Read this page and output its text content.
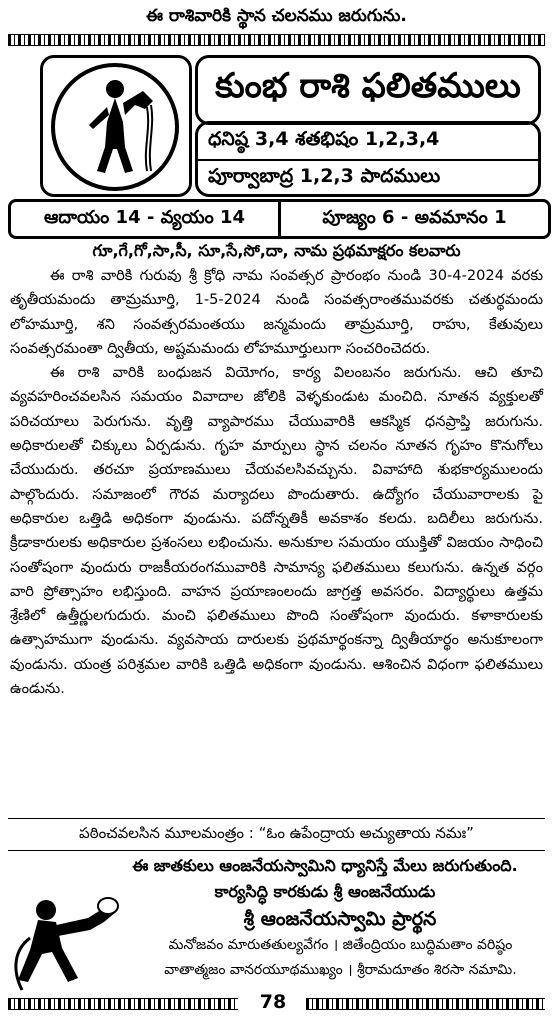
ఈ రాశివారికి స్థాన చలనము జరుగును.
కుంభ రాశి ఫలితములు
ధనిష్ఠ 3,4 శతభిషం 1,2,3,4
పూర్వాబాద్ర 1,2,3 పాదములు
ఆదాయం 14 - వ్యయం 14	పూజ్యం 6 - అవమానం 1
గూ,గే,గో,సా,సీ, సూ,సే,సో,దా, నామ ప్రథమాక్షరం కలవారు

ఈ రాశి వారికి గురువు శ్రీ క్రోధి నామ సంవత్సర ప్రారంభం నుండి 30-4-2024 వరకు తృతీయమందు తామ్రమూర్తి, 1-5-2024 నుండి సంవత్సరాంతమువరకు చతుర్థమందు లోహమూర్తి, శని సంవత్సరమంతయు జన్మమందు తామ్రమూర్తి, రాహు, కేతువులు సంవత్సరమంతా ద్వితీయ, అష్టమమందు లోహమూర్తులుగా సంచరించెదరు.

ఈ రాశి వారికి బంధుజన వియోగం, కార్య విలంబనం జరుగును. ఆచి తూచి వ్యవహరించవలసిన సమయం వివాదాల జోలికి వెళ్ళకుండుట మంచిది. నూతన వ్యక్తులతో పరిచయాలు పెరుగును. వృత్తి వ్యాపారము చేయువారికి ఆకస్మిక ధనప్రాప్తి జరుగును. అధికారులతో చిక్కులు ఏర్పడును. గృహ మార్పులు స్థాన చలనం నూతన గృహం కొనుగోలు చేయుదురు. తరచూ ప్రయాణములు చేయవలసివచ్చును. వివాహాది శుభకార్యములందు పాల్గొందురు. సమాజంలో గౌరవ మర్యాదలు పొందుతారు. ఉద్యోగం చేయువారాలకు పై అధికారుల ఒత్తిడి అధికంగా వుండును. పదోన్నతికీ అవకాశం కలదు. బదిలీలు జరుగును. క్రీడాకారులకు అధికారుల ప్రశంసలు లభించును. అనుకూల సమయం యుక్తితో విజయం సాధించి సంతోషంగా వుందురు రాజకీయరంగమువారికి సామాన్య ఫలితములు కలుగును. ఉన్నత వర్గం వారి ప్రోత్సాహం లభిస్తుంది. వాహన ప్రయాణంలందు జాగ్రత్త అవసరం. విద్యార్థులు ఉత్తమ శ్రేణిలో ఉత్తీర్ణులగుదురు. మంచి ఫలితములు పొంది సంతోషంగా వుందురు. కళాకారులకు ఉత్సాహముగా వుండును. వ్యవసాయ దారులకు ప్రథమార్థంకన్నా ద్వితీయార్థం అనుకూలంగా వుండును. యంత్ర పరిశ్రమల వారికి ఒత్తిడి అధికంగా వుండును. ఆశించిన విధంగా ఫలితములు ఉండును.

పఠించవలసిన మూలమంత్రం : “ఓం ఉపేంద్రాయ అచ్యుతాయ నమః”
ఈ జాతకులు ఆంజనేయస్వామిని ధ్యానిస్తే మేలు జరుగుతుంది.
కార్యసిద్ధి కారకుడు శ్రీ ఆంజనేయుడు
శ్రీ ఆంజనేయస్వామి ప్రార్థన
మనోజవం మారుతతుల్యవేగం । జితేంద్రియం బుద్ధిమతాం వరిష్ఠం
వాతాత్మజం వానరయూథముఖ్యం । శ్రీరామదూతం శిరసా నమామి.
78
